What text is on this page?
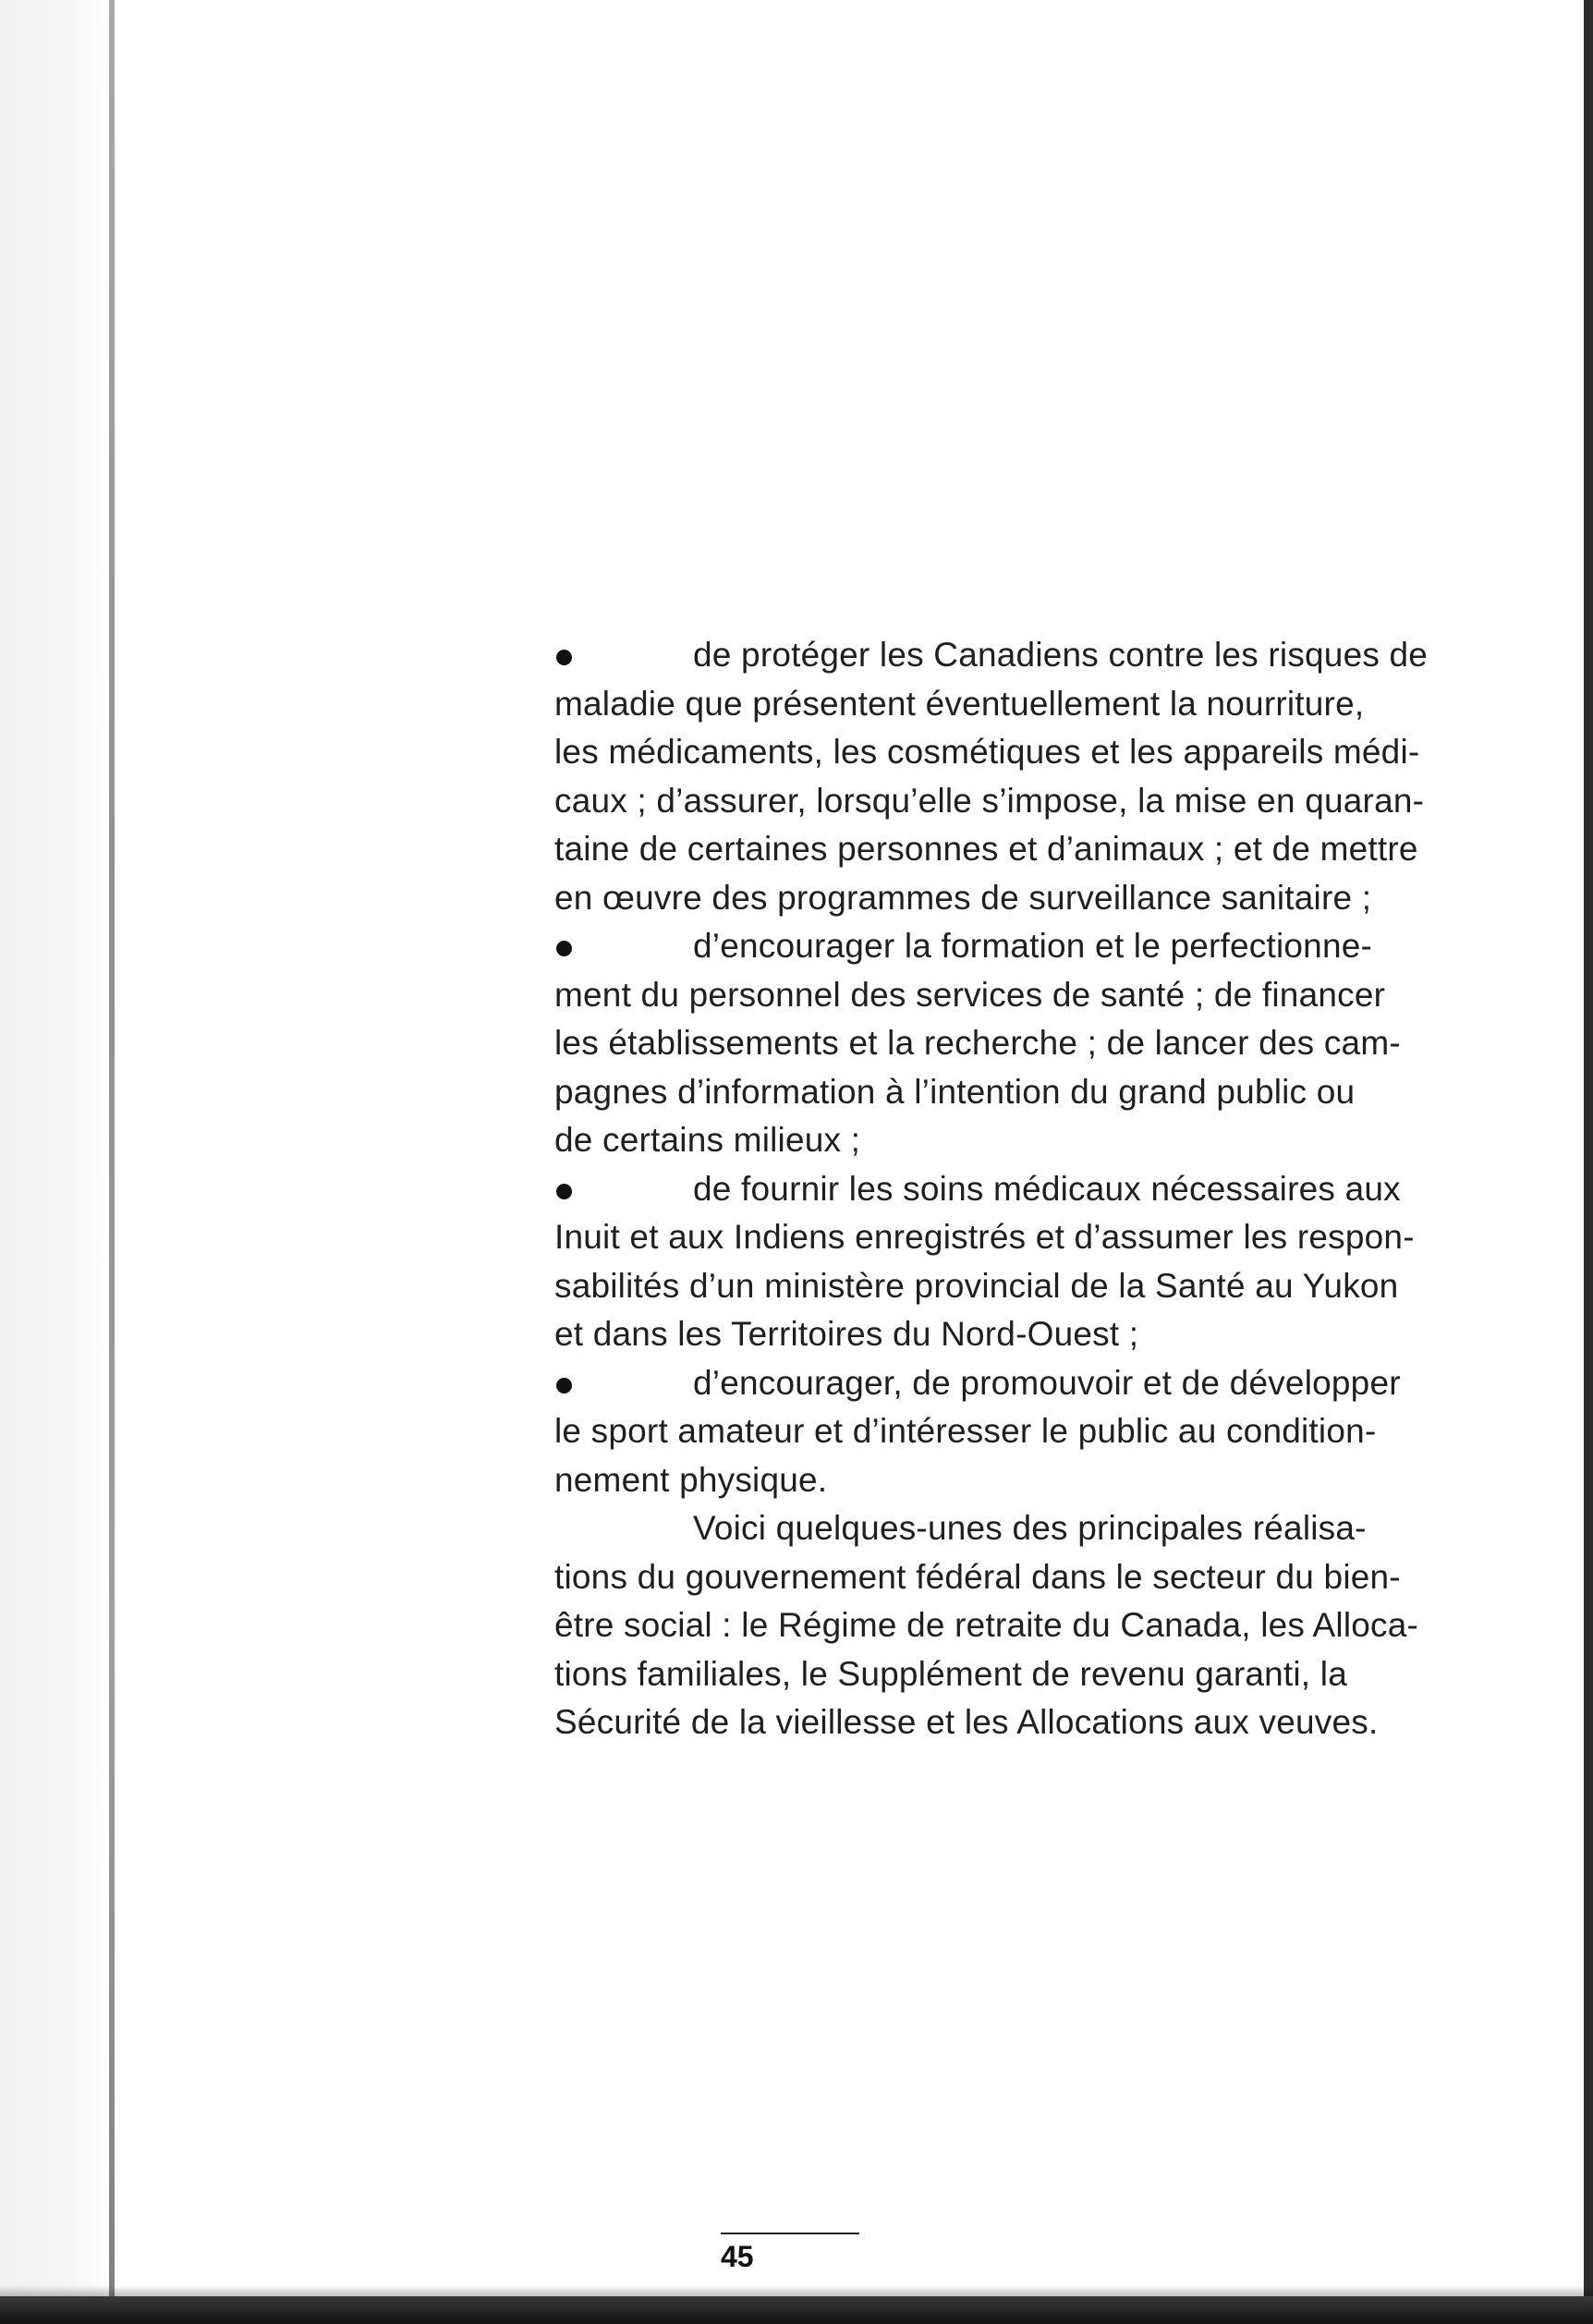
de protéger les Canadiens contre les risques de
maladie que présentent éventuellement la nourriture,
les médicaments, les cosmétiques et les appareils médi-
caux ; d’assurer, lorsqu’elle s’impose, la mise en quaran-
taine de certaines personnes et d’animaux ; et de mettre
en œuvre des programmes de surveillance sanitaire ;
d’encourager la formation et le perfectionne-
ment du personnel des services de santé ; de financer
les établissements et la recherche ; de lancer des cam-
pagnes d’information à l’intention du grand public ou
de certains milieux ;
de fournir les soins médicaux nécessaires aux
Inuit et aux Indiens enregistrés et d’assumer les respon-
sabilités d’un ministère provincial de la Santé au Yukon
et dans les Territoires du Nord-Ouest ;
d’encourager, de promouvoir et de développer
le sport amateur et d’intéresser le public au condition-
nement physique.
Voici quelques-unes des principales réalisa-
tions du gouvernement fédéral dans le secteur du bien-
être social : le Régime de retraite du Canada, les Alloca-
tions familiales, le Supplément de revenu garanti, la
Sécurité de la vieillesse et les Allocations aux veuves.
45
